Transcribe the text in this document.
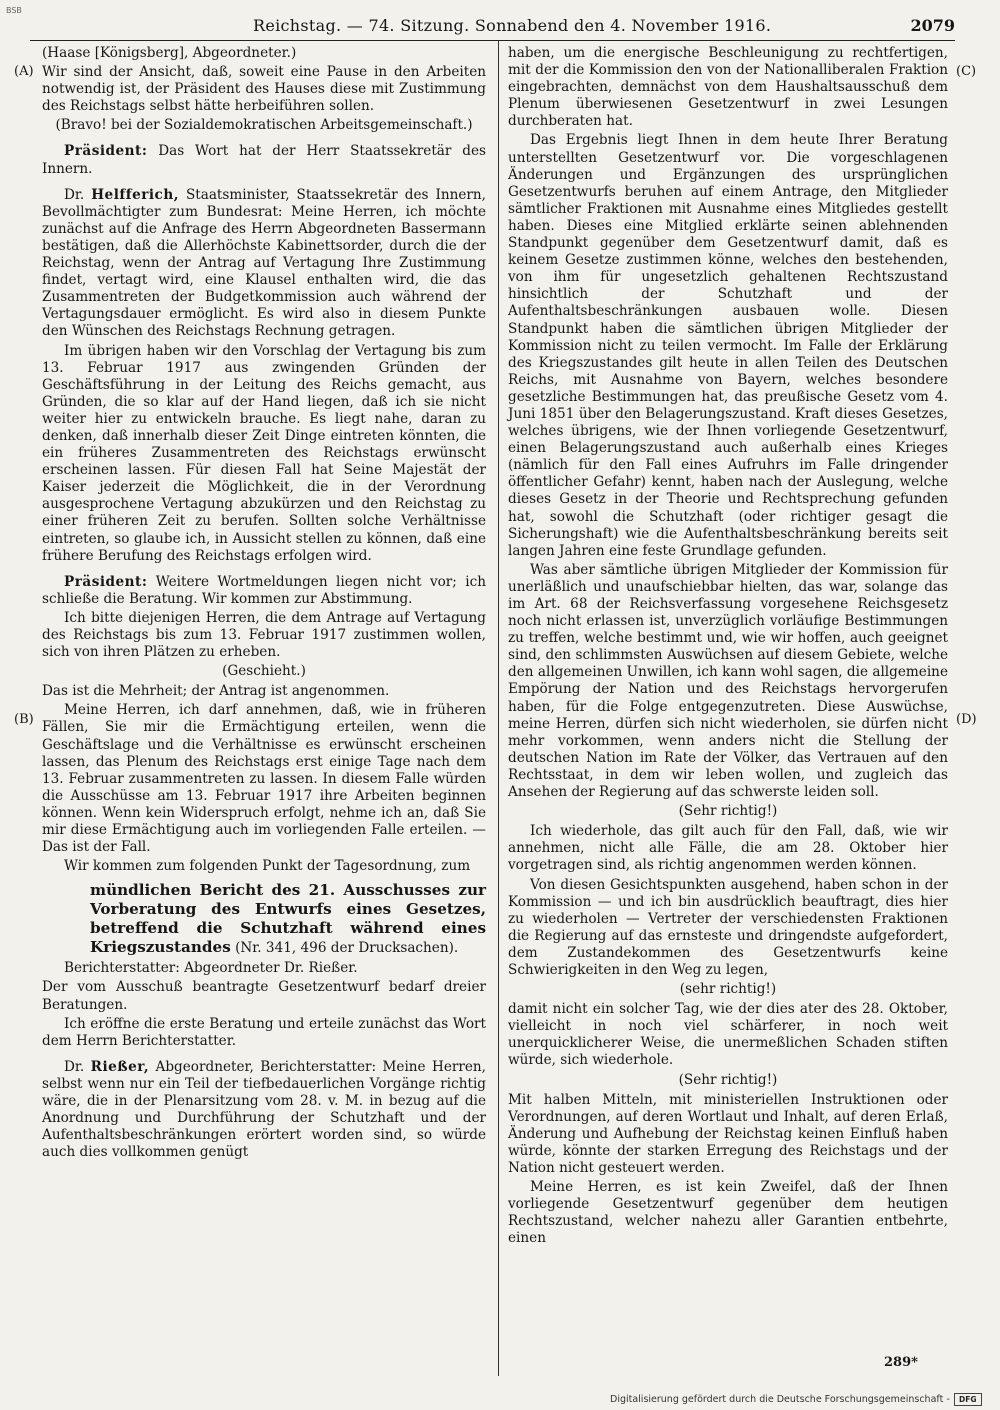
BSB
Reichstag. — 74. Sitzung. Sonnabend den 4. November 1916.	2079
(A)
(B)
(C)
(D)

(Haase [Königsberg], Abgeordneter.)

Wir sind der Ansicht, daß, soweit eine Pause in den Arbeiten notwendig ist, der Präsident des Hauses diese mit Zustimmung des Reichstags selbst hätte herbeiführen sollen.

(Bravo! bei der Sozialdemokratischen Arbeitsgemeinschaft.)

Präsident: Das Wort hat der Herr Staatssekretär des Innern.

Dr. Helfferich, Staatsminister, Staatssekretär des Innern, Bevollmächtigter zum Bundesrat: Meine Herren, ich möchte zunächst auf die Anfrage des Herrn Abgeordneten Bassermann bestätigen, daß die Allerhöchste Kabinettsorder, durch die der Reichstag, wenn der Antrag auf Vertagung Ihre Zustimmung findet, vertagt wird, eine Klausel enthalten wird, die das Zusammentreten der Budgetkommission auch während der Vertagungsdauer ermöglicht. Es wird also in diesem Punkte den Wünschen des Reichstags Rechnung getragen.

Im übrigen haben wir den Vorschlag der Vertagung bis zum 13. Februar 1917 aus zwingenden Gründen der Geschäftsführung in der Leitung des Reichs gemacht, aus Gründen, die so klar auf der Hand liegen, daß ich sie nicht weiter hier zu entwickeln brauche. Es liegt nahe, daran zu denken, daß innerhalb dieser Zeit Dinge eintreten könnten, die ein früheres Zusammentreten des Reichstags erwünscht erscheinen lassen. Für diesen Fall hat Seine Majestät der Kaiser jederzeit die Möglichkeit, die in der Verordnung ausgesprochene Vertagung abzukürzen und den Reichstag zu einer früheren Zeit zu berufen. Sollten solche Verhältnisse eintreten, so glaube ich, in Aussicht stellen zu können, daß eine frühere Berufung des Reichstags erfolgen wird.

Präsident: Weitere Wortmeldungen liegen nicht vor; ich schließe die Beratung. Wir kommen zur Abstimmung.

Ich bitte diejenigen Herren, die dem Antrage auf Vertagung des Reichstags bis zum 13. Februar 1917 zustimmen wollen, sich von ihren Plätzen zu erheben.

(Geschieht.)

Das ist die Mehrheit; der Antrag ist angenommen.

Meine Herren, ich darf annehmen, daß, wie in früheren Fällen, Sie mir die Ermächtigung erteilen, wenn die Geschäftslage und die Verhältnisse es erwünscht erscheinen lassen, das Plenum des Reichstags erst einige Tage nach dem 13. Februar zusammentreten zu lassen. In diesem Falle würden die Ausschüsse am 13. Februar 1917 ihre Arbeiten beginnen können. Wenn kein Widerspruch erfolgt, nehme ich an, daß Sie mir diese Ermächtigung auch im vorliegenden Falle erteilen. — Das ist der Fall.

Wir kommen zum folgenden Punkt der Tagesordnung, zum

mündlichen Bericht des 21. Ausschusses zur Vorberatung des Entwurfs eines Gesetzes, betreffend die Schutzhaft während eines Kriegszustandes (Nr. 341, 496 der Drucksachen).

Berichterstatter: Abgeordneter Dr. Rießer.

Der vom Ausschuß beantragte Gesetzentwurf bedarf dreier Beratungen.

Ich eröffne die erste Beratung und erteile zunächst das Wort dem Herrn Berichterstatter.

Dr. Rießer, Abgeordneter, Berichterstatter: Meine Herren, selbst wenn nur ein Teil der tiefbedauerlichen Vorgänge richtig wäre, die in der Plenarsitzung vom 28. v. M. in bezug auf die Anordnung und Durchführung der Schutzhaft und der Aufenthaltsbeschränkungen erörtert worden sind, so würde auch dies vollkommen genügt

haben, um die energische Beschleunigung zu rechtfertigen, mit der die Kommission den von der Nationalliberalen Fraktion eingebrachten, demnächst von dem Haushaltsausschuß dem Plenum überwiesenen Gesetzentwurf in zwei Lesungen durchberaten hat.

Das Ergebnis liegt Ihnen in dem heute Ihrer Beratung unterstellten Gesetzentwurf vor. Die vorgeschlagenen Änderungen und Ergänzungen des ursprünglichen Gesetzentwurfs beruhen auf einem Antrage, den Mitglieder sämtlicher Fraktionen mit Ausnahme eines Mitgliedes gestellt haben. Dieses eine Mitglied erklärte seinen ablehnenden Standpunkt gegenüber dem Gesetzentwurf damit, daß es keinem Gesetze zustimmen könne, welches den bestehenden, von ihm für ungesetzlich gehaltenen Rechtszustand hinsichtlich der Schutzhaft und der Aufenthaltsbeschränkungen ausbauen wolle. Diesen Standpunkt haben die sämtlichen übrigen Mitglieder der Kommission nicht zu teilen vermocht. Im Falle der Erklärung des Kriegszustandes gilt heute in allen Teilen des Deutschen Reichs, mit Ausnahme von Bayern, welches besondere gesetzliche Bestimmungen hat, das preußische Gesetz vom 4. Juni 1851 über den Belagerungszustand. Kraft dieses Gesetzes, welches übrigens, wie der Ihnen vorliegende Gesetzentwurf, einen Belagerungszustand auch außerhalb eines Krieges (nämlich für den Fall eines Aufruhrs im Falle dringender öffentlicher Gefahr) kennt, haben nach der Auslegung, welche dieses Gesetz in der Theorie und Rechtsprechung gefunden hat, sowohl die Schutzhaft (oder richtiger gesagt die Sicherungshaft) wie die Aufenthaltsbeschränkung bereits seit langen Jahren eine feste Grundlage gefunden.

Was aber sämtliche übrigen Mitglieder der Kommission für unerläßlich und unaufschiebbar hielten, das war, solange das im Art. 68 der Reichsverfassung vorgesehene Reichsgesetz noch nicht erlassen ist, unverzüglich vorläufige Bestimmungen zu treffen, welche bestimmt und, wie wir hoffen, auch geeignet sind, den schlimmsten Auswüchsen auf diesem Gebiete, welche den allgemeinen Unwillen, ich kann wohl sagen, die allgemeine Empörung der Nation und des Reichstags hervorgerufen haben, für die Folge entgegenzutreten. Diese Auswüchse, meine Herren, dürfen sich nicht wiederholen, sie dürfen nicht mehr vorkommen, wenn anders nicht die Stellung der deutschen Nation im Rate der Völker, das Vertrauen auf den Rechtsstaat, in dem wir leben wollen, und zugleich das Ansehen der Regierung auf das schwerste leiden soll.

(Sehr richtig!)

Ich wiederhole, das gilt auch für den Fall, daß, wie wir annehmen, nicht alle Fälle, die am 28. Oktober hier vorgetragen sind, als richtig angenommen werden können.

Von diesen Gesichtspunkten ausgehend, haben schon in der Kommission — und ich bin ausdrücklich beauftragt, dies hier zu wiederholen — Vertreter der verschiedensten Fraktionen die Regierung auf das ernsteste und dringendste aufgefordert, dem Zustandekommen des Gesetzentwurfs keine Schwierigkeiten in den Weg zu legen,

(sehr richtig!)

damit nicht ein solcher Tag, wie der dies ater des 28. Oktober, vielleicht in noch viel schärferer, in noch weit unerquicklicherer Weise, die unermeßlichen Schaden stiften würde, sich wiederhole.

(Sehr richtig!)

Mit halben Mitteln, mit ministeriellen Instruktionen oder Verordnungen, auf deren Wortlaut und Inhalt, auf deren Erlaß, Änderung und Aufhebung der Reichstag keinen Einfluß haben würde, könnte der starken Erregung des Reichstags und der Nation nicht gesteuert werden.

Meine Herren, es ist kein Zweifel, daß der Ihnen vorliegende Gesetzentwurf gegenüber dem heutigen Rechtszustand, welcher nahezu aller Garantien entbehrte, einen

289*
Digitalisierung gefördert durch die Deutsche Forschungsgemeinschaft -	DFG
